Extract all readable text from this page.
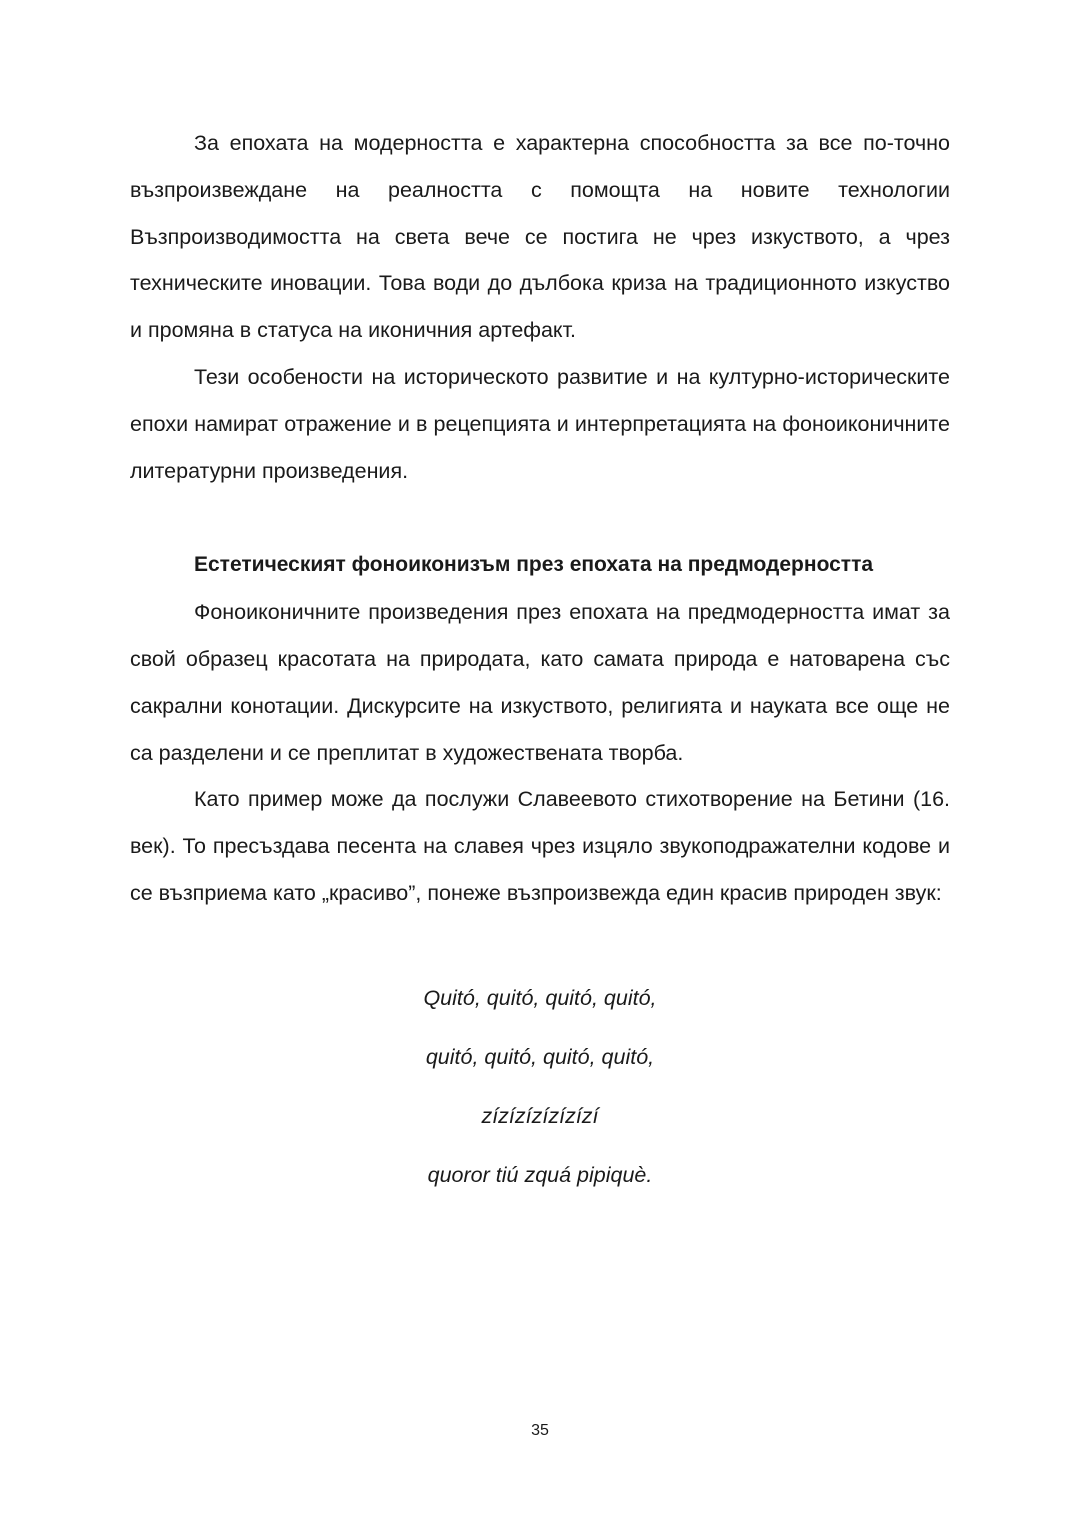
За епохата на модерността е характерна способността за все по-точно възпроизвеждане на реалността с помощта на новите технологии Възпроизводимостта на света вече се постига не чрез изкуството, а чрез техническите иновации. Това води до дълбока криза на традиционното изкуство и промяна в статуса на иконичния артефакт.

Тези особености на историческото развитие и на културно-историческите епохи намират отражение и в рецепцията и интерпретацията на фоноиконичните литературни произведения.

Естетическият фоноиконизъм през епохата на предмодерността

Фоноиконичните произведения през епохата на предмодерността имат за свой образец красотата на природата, като самата природа е натоварена със сакрални конотации. Дискурсите на изкуството, религията и науката все още не са разделени и се преплитат в художествената творба.

Като пример може да послужи Славеевото стихотворение на Бетини (16. век). То пресъздава песента на славея чрез изцяло звукоподражателни кодове и се възприема като „красиво”, понеже възпроизвежда един красив природен звук:

Quitó, quitó, quitó, quitó,
quitó, quitó, quitó, quitó,
zízízízízízízí
quoror tiú zquá pipiquè.
35
